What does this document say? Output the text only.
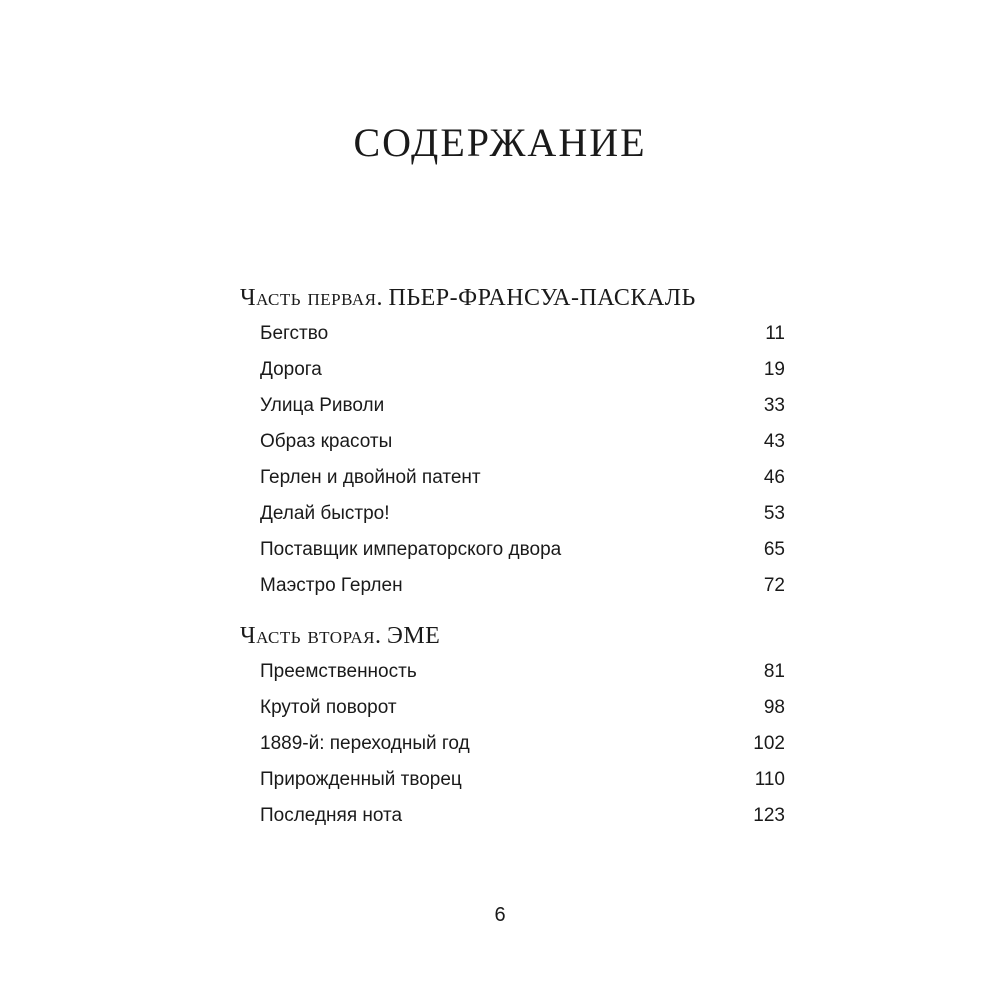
СОДЕРЖАНИЕ
Часть первая. ПЬЕР-ФРАНСУА-ПАСКАЛЬ
Бегство	11
Дорога	19
Улица Риволи	33
Образ красоты	43
Герлен и двойной патент	46
Делай быстро!	53
Поставщик императорского двора	65
Маэстро Герлен	72
Часть вторая. ЭМЕ
Преемственность	81
Крутой поворот	98
1889-й: переходный год	102
Прирожденный творец	110
Последняя нота	123
6
